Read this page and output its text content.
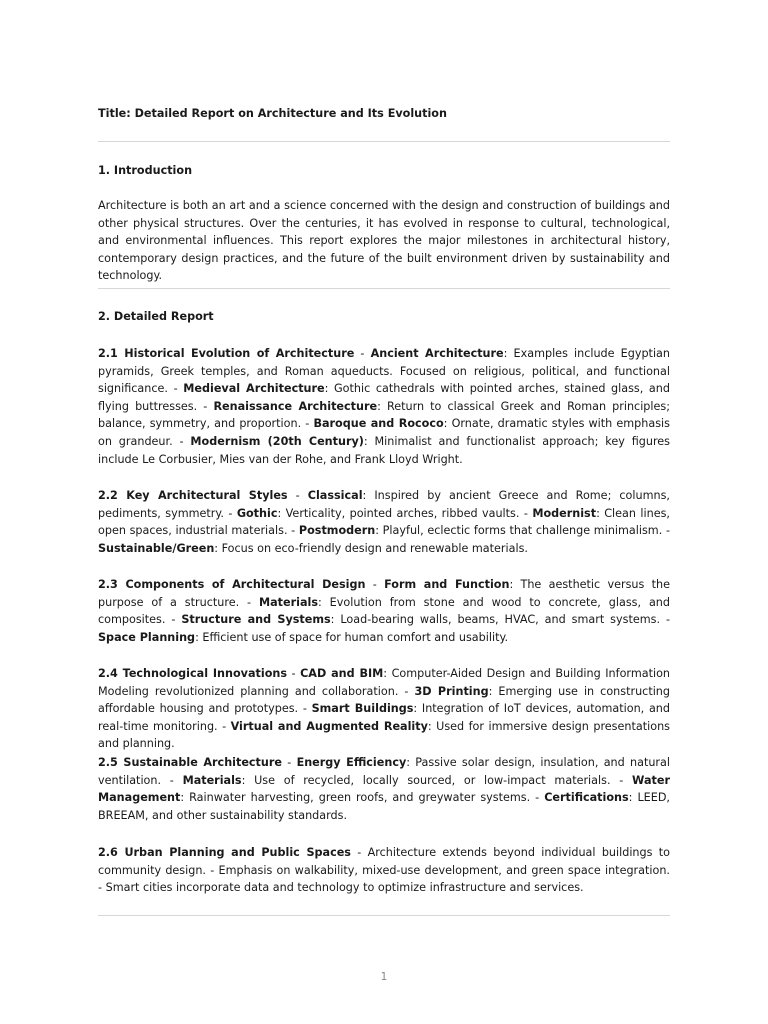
Title: Detailed Report on Architecture and Its Evolution
1. Introduction

Architecture is both an art and a science concerned with the design and construction of buildings and other physical structures. Over the centuries, it has evolved in response to cultural, technological, and environmental influences. This report explores the major milestones in architectural history, contemporary design practices, and the future of the built environment driven by sustainability and technology.

2. Detailed Report

2.1 Historical Evolution of Architecture - Ancient Architecture: Examples include Egyptian pyramids, Greek temples, and Roman aqueducts. Focused on religious, political, and functional significance. - Medieval Architecture: Gothic cathedrals with pointed arches, stained glass, and flying buttresses. - Renaissance Architecture: Return to classical Greek and Roman principles; balance, symmetry, and proportion. - Baroque and Rococo: Ornate, dramatic styles with emphasis on grandeur. - Modernism (20th Century): Minimalist and functionalist approach; key figures include Le Corbusier, Mies van der Rohe, and Frank Lloyd Wright.

2.2 Key Architectural Styles - Classical: Inspired by ancient Greece and Rome; columns, pediments, symmetry. - Gothic: Verticality, pointed arches, ribbed vaults. - Modernist: Clean lines, open spaces, industrial materials. - Postmodern: Playful, eclectic forms that challenge minimalism. - Sustainable/Green: Focus on eco-friendly design and renewable materials.

2.3 Components of Architectural Design - Form and Function: The aesthetic versus the purpose of a structure. - Materials: Evolution from stone and wood to concrete, glass, and composites. - Structure and Systems: Load-bearing walls, beams, HVAC, and smart systems. - Space Planning: Efficient use of space for human comfort and usability.

2.4 Technological Innovations - CAD and BIM: Computer-Aided Design and Building Information Modeling revolutionized planning and collaboration. - 3D Printing: Emerging use in constructing affordable housing and prototypes. - Smart Buildings: Integration of IoT devices, automation, and real-time monitoring. - Virtual and Augmented Reality: Used for immersive design presentations and planning.

2.5 Sustainable Architecture - Energy Efficiency: Passive solar design, insulation, and natural ventilation. - Materials: Use of recycled, locally sourced, or low-impact materials. - Water Management: Rainwater harvesting, green roofs, and greywater systems. - Certifications: LEED, BREEAM, and other sustainability standards.

2.6 Urban Planning and Public Spaces - Architecture extends beyond individual buildings to community design. - Emphasis on walkability, mixed-use development, and green space integration. - Smart cities incorporate data and technology to optimize infrastructure and services.

1
